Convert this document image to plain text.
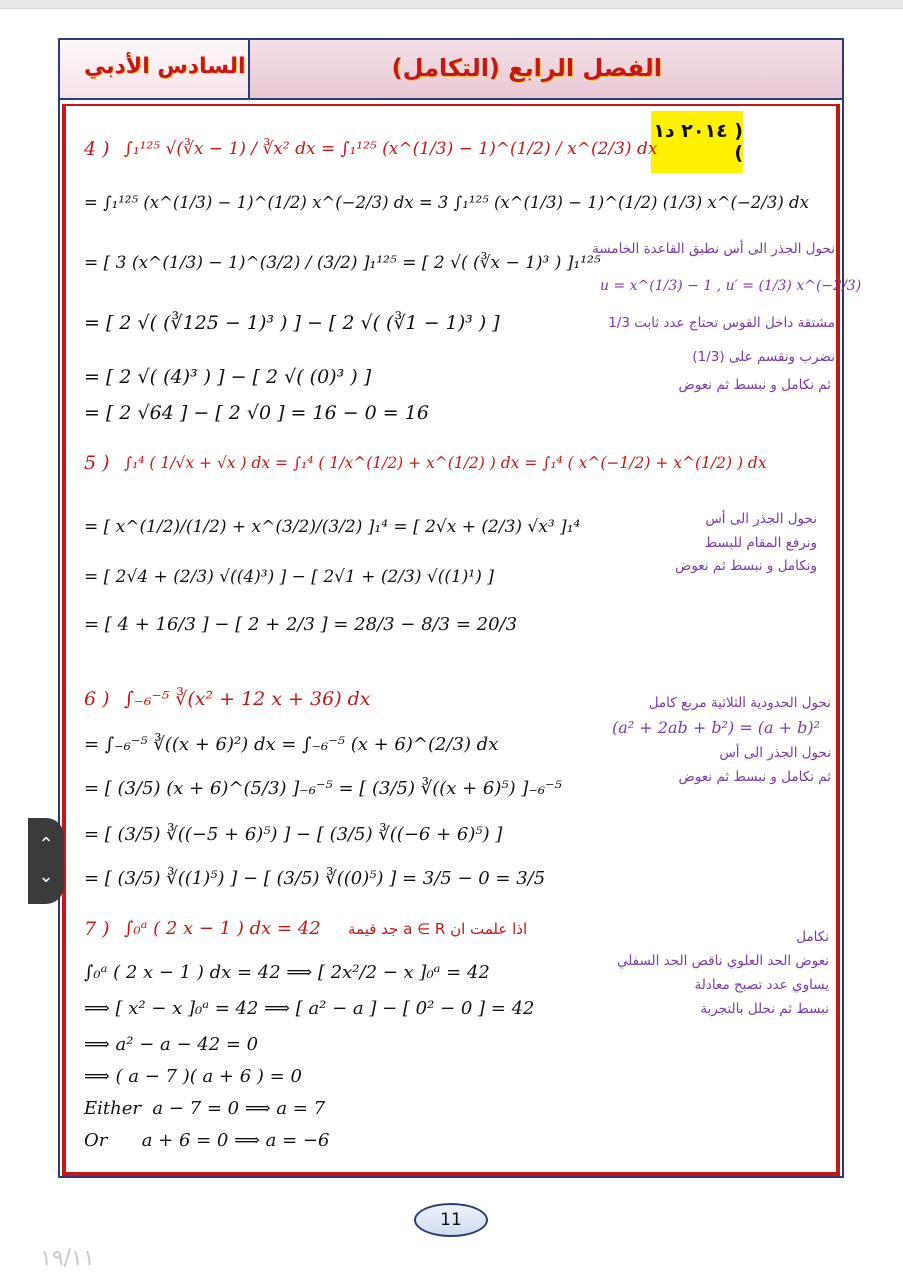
السادس الأدبي	الفصل الرابع (التكامل)
( ٢٠١٤ د١ )
4 ) ∫₁¹²⁵ √(∛x − 1) / ∛x² dx = ∫₁¹²⁵ (x^(1/3) − 1)^(1/2) / x^(2/3) dx
= ∫₁¹²⁵ (x^(1/3) − 1)^(1/2) x^(−2/3) dx = 3 ∫₁¹²⁵ (x^(1/3) − 1)^(1/2) (1/3) x^(−2/3) dx
= [ 3 (x^(1/3) − 1)^(3/2) / (3/2) ]₁¹²⁵ = [ 2 √( (∛x − 1)³ ) ]₁¹²⁵
= [ 2 √( (∛125 − 1)³ ) ] − [ 2 √( (∛1 − 1)³ ) ]
= [ 2 √( (4)³ ) ] − [ 2 √( (0)³ ) ]
= [ 2 √64 ] − [ 2 √0 ] = 16 − 0 = 16
نحول الجذر الى أس نطبق القاعدة الخامسة
u = x^(1/3) − 1 , u′ = (1/3) x^(−2/3)
مشتقة داخل القوس تحتاج عدد ثابت 1/3
نضرب ونقسم على (1/3)
ثم نكامل و نبسط ثم نعوض
5 ) ∫₁⁴ ( 1/√x + √x ) dx = ∫₁⁴ ( 1/x^(1/2) + x^(1/2) ) dx = ∫₁⁴ ( x^(−1/2) + x^(1/2) ) dx
= [ x^(1/2)/(1/2) + x^(3/2)/(3/2) ]₁⁴ = [ 2√x + (2/3) √x³ ]₁⁴
= [ 2√4 + (2/3) √((4)³) ] − [ 2√1 + (2/3) √((1)¹) ]
= [ 4 + 16/3 ] − [ 2 + 2/3 ] = 28/3 − 8/3 = 20/3
نحول الجذر الى أس
ونرفع المقام للبسط
ونكامل و نبسط ثم نعوض
6 ) ∫₋₆⁻⁵ ∛(x² + 12 x + 36) dx
= ∫₋₆⁻⁵ ∛((x + 6)²) dx = ∫₋₆⁻⁵ (x + 6)^(2/3) dx
= [ (3/5) (x + 6)^(5/3) ]₋₆⁻⁵ = [ (3/5) ∛((x + 6)⁵) ]₋₆⁻⁵
= [ (3/5) ∛((−5 + 6)⁵) ] − [ (3/5) ∛((−6 + 6)⁵) ]
= [ (3/5) ∛((1)⁵) ] − [ (3/5) ∛((0)⁵) ] = 3/5 − 0 = 3/5
نحول الحدودية الثلاثية مربع كامل
(a² + 2ab + b²) = (a + b)²
نحول الجذر الى أس
ثم نكامل و نبسط ثم نعوض
7 ) ∫₀ᵃ ( 2 x − 1 ) dx = 42 اذا علمت ان a ∈ R جد قيمة
∫₀ᵃ ( 2 x − 1 ) dx = 42 ⟹ [ 2x²/2 − x ]₀ᵃ = 42
⟹ [ x² − x ]₀ᵃ = 42 ⟹ [ a² − a ] − [ 0² − 0 ] = 42
⟹ a² − a − 42 = 0
⟹ ( a − 7 )( a + 6 ) = 0
Either  a − 7 = 0 ⟹ a = 7
Or      a + 6 = 0 ⟹ a = −6
نكامل
نعوض الحد العلوي ناقص الحد السفلي
يساوي عدد تصبح معادلة
نبسط ثم نحلل بالتجربة
⌃
⌄
11
١٩/١١
